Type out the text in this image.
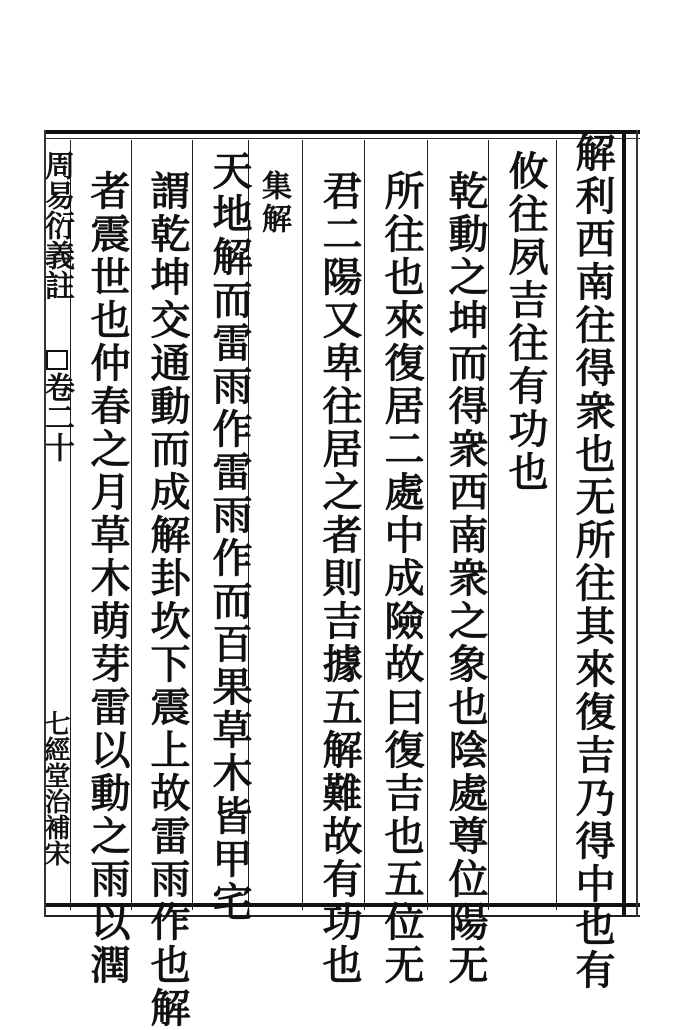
解利西南往得衆也无所往其來復吉乃得中也有
攸往夙吉往有功也
乾動之坤而得衆西南衆之象也陰處尊位陽无
所往也來復居二處中成險故曰復吉也五位无
君二陽又卑往居之者則吉據五解難故有功也
集解
天地解而雷雨作雷雨作而百果草木皆甲宅
謂乾坤交通動而成解卦坎下震上故雷雨作也解
者震世也仲春之月草木萌芽雷以動之雨以潤
周易衍義註
卷二十
七經堂治補宋
